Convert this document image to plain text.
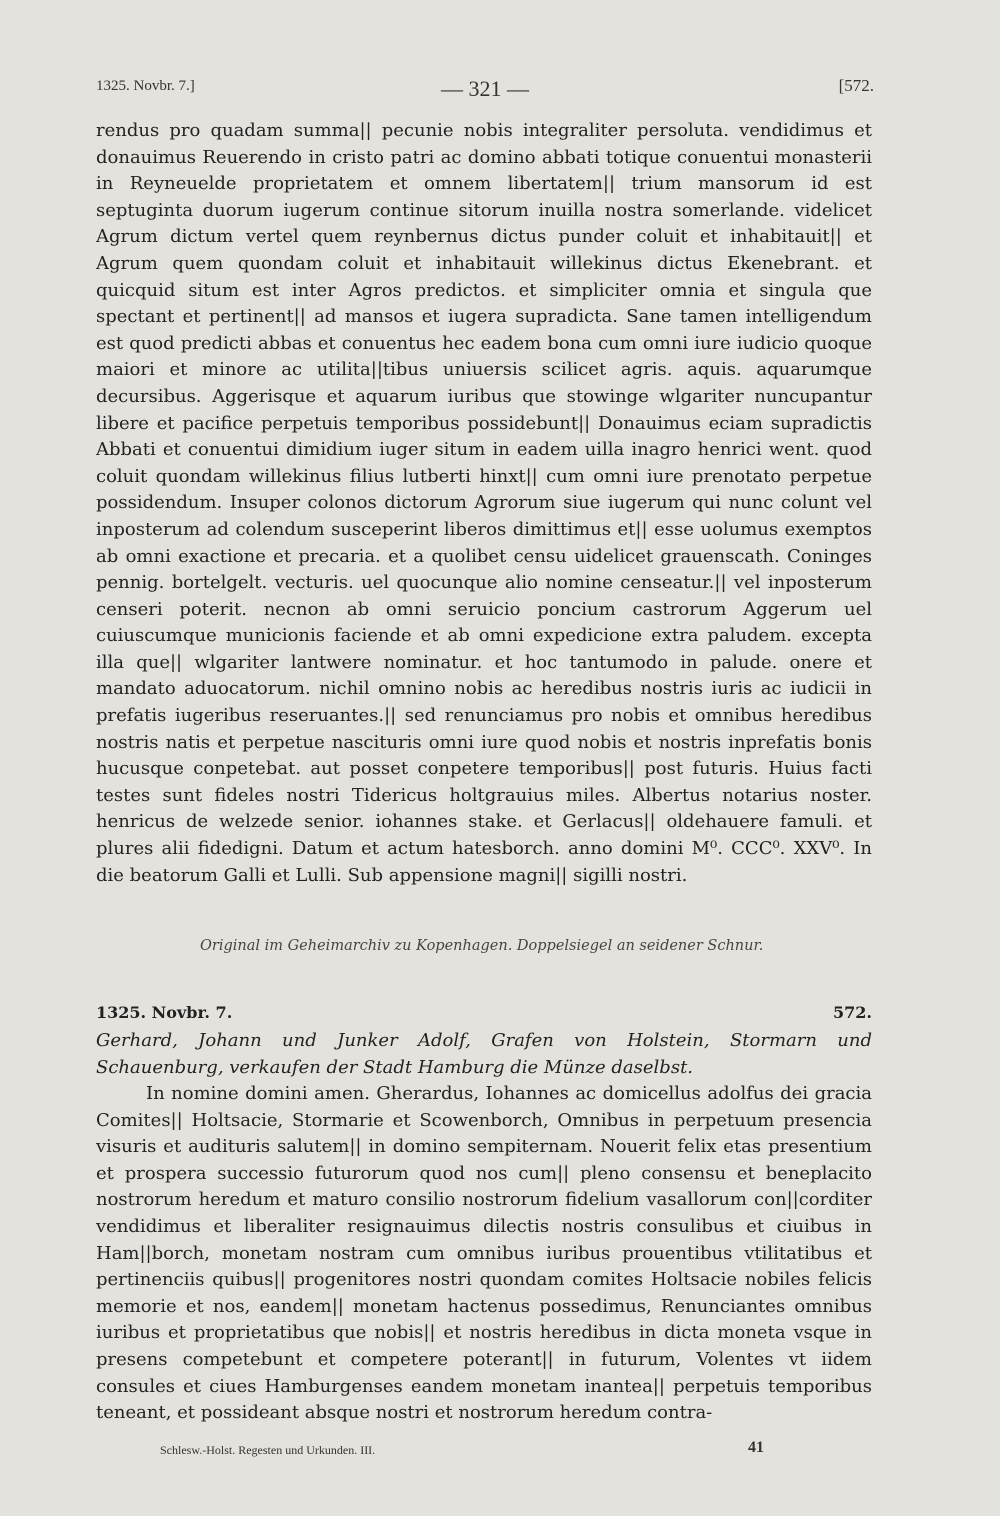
1325. Novbr. 7.]	— 321 —	[572.

rendus pro quadam summa|| pecunie nobis integraliter persoluta. vendidimus et donauimus Reuerendo in cristo patri ac domino abbati totique conuentui monasterii in Reyneuelde proprietatem et omnem libertatem|| trium mansorum id est septuginta duorum iugerum continue sitorum inuilla nostra somerlande. videlicet Agrum dictum vertel quem reynbernus dictus punder coluit et inhabitauit|| et Agrum quem quondam coluit et inhabitauit willekinus dictus Ekenebrant. et quicquid situm est inter Agros predictos. et simpliciter omnia et singula que spectant et pertinent|| ad mansos et iugera supradicta. Sane tamen intelligendum est quod predicti abbas et conuentus hec eadem bona cum omni iure iudicio quoque maiori et minore ac utilita||tibus uniuersis scilicet agris. aquis. aquarumque decursibus. Aggerisque et aquarum iuribus que stowinge wlgariter nuncupantur libere et pacifice perpetuis temporibus possidebunt|| Donauimus eciam supradictis Abbati et conuentui dimidium iuger situm in eadem uilla inagro henrici went. quod coluit quondam willekinus filius lutberti hinxt|| cum omni iure prenotato perpetue possidendum. Insuper colonos dictorum Agrorum siue iugerum qui nunc colunt vel inposterum ad colendum susceperint liberos dimittimus et|| esse uolumus exemptos ab omni exactione et precaria. et a quolibet censu uidelicet grauenscath. Coninges pennig. bortelgelt. vecturis. uel quocunque alio nomine censeatur.|| vel inposterum censeri poterit. necnon ab omni seruicio poncium castrorum Aggerum uel cuiuscumque municionis faciende et ab omni expedicione extra paludem. excepta illa que|| wlgariter lantwere nominatur. et hoc tantumodo in palude. onere et mandato aduocatorum. nichil omnino nobis ac heredibus nostris iuris ac iudicii in prefatis iugeribus reseruantes.|| sed renunciamus pro nobis et omnibus heredibus nostris natis et perpetue nascituris omni iure quod nobis et nostris inprefatis bonis hucusque conpetebat. aut posset conpetere temporibus|| post futuris. Huius facti testes sunt fideles nostri Tidericus holtgrauius miles. Albertus notarius noster. henricus de welzede senior. iohannes stake. et Gerlacus|| oldehauere famuli. et plures alii fidedigni. Datum et actum hatesborch. anno domini M⁰. CCC⁰. XXV⁰. In die beatorum Galli et Lulli. Sub appensione magni|| sigilli nostri.

Original im Geheimarchiv zu Kopenhagen. Doppelsiegel an seidener Schnur.
1325. Novbr. 7.	572.
Gerhard, Johann und Junker Adolf, Grafen von Holstein, Stormarn und Schauenburg, verkaufen der Stadt Hamburg die Münze daselbst.

In nomine domini amen. Gherardus, Iohannes ac domicellus adolfus dei gracia Comites|| Holtsacie, Stormarie et Scowenborch, Omnibus in perpetuum presencia visuris et audituris salutem|| in domino sempiternam. Nouerit felix etas presentium et prospera successio futurorum quod nos cum|| pleno consensu et beneplacito nostrorum heredum et maturo consilio nostrorum fidelium vasallorum con||corditer vendidimus et liberaliter resignauimus dilectis nostris consulibus et ciuibus in Ham||borch, monetam nostram cum omnibus iuribus prouentibus vtilitatibus et pertinenciis quibus|| progenitores nostri quondam comites Holtsacie nobiles felicis memorie et nos, eandem|| monetam hactenus possedimus, Renunciantes omnibus iuribus et proprietatibus que nobis|| et nostris heredibus in dicta moneta vsque in presens competebunt et competere poterant|| in futurum, Volentes vt iidem consules et ciues Hamburgenses eandem monetam inantea|| perpetuis temporibus teneant, et possideant absque nostri et nostrorum heredum contra-

Schlesw.-Holst. Regesten und Urkunden. III.	41
